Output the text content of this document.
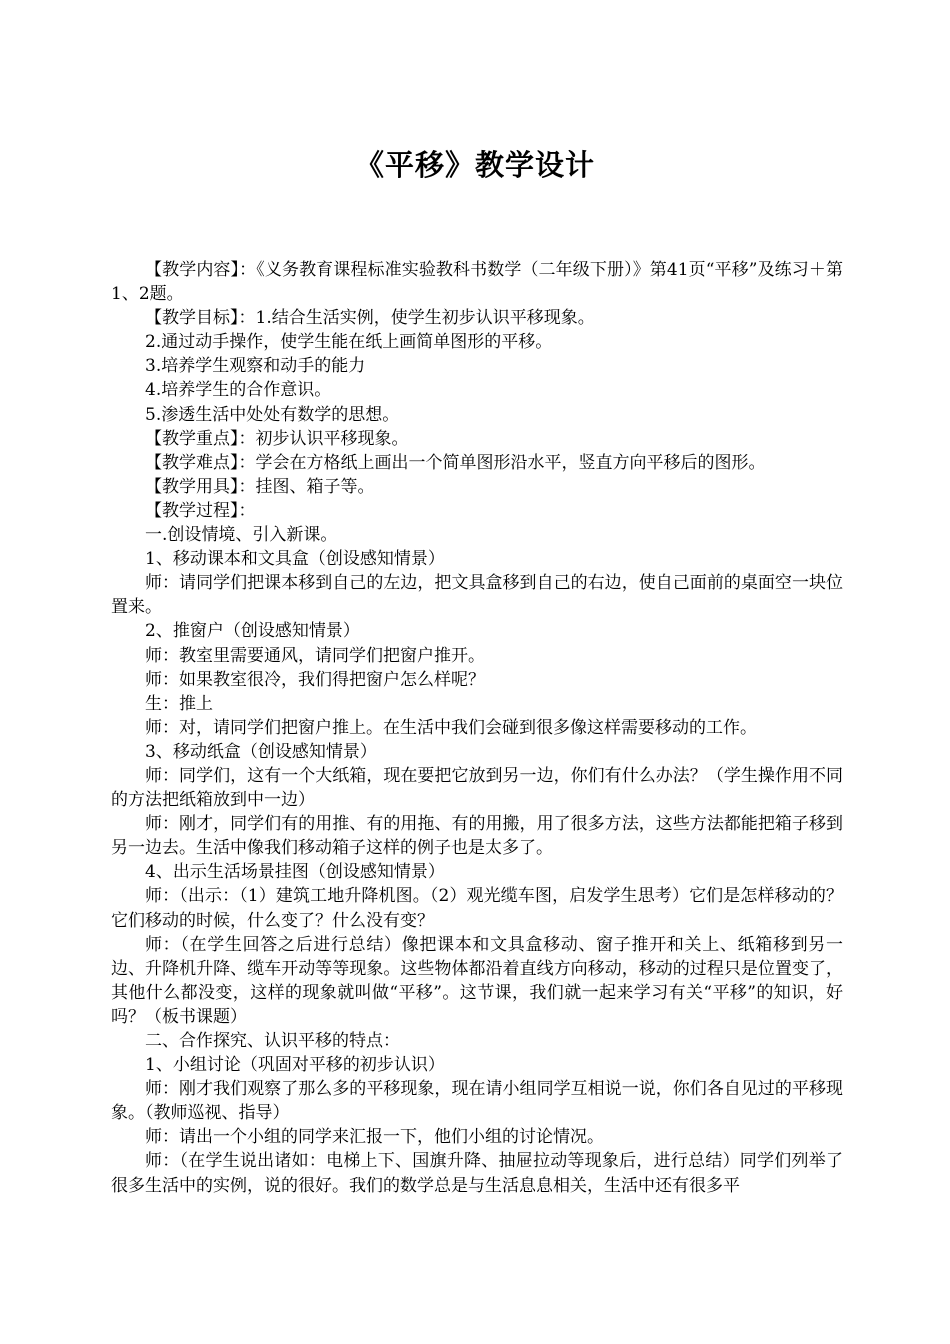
《平移》教学设计

【教学内容】：《义务教育课程标准实验教科书数学（二年级下册）》第41页“平移”及练习＋第1、2题。

【教学目标】：1.结合生活实例，使学生初步认识平移现象。

2.通过动手操作，使学生能在纸上画简单图形的平移。

3.培养学生观察和动手的能力

4.培养学生的合作意识。

5.渗透生活中处处有数学的思想。

【教学重点】：初步认识平移现象。

【教学难点】：学会在方格纸上画出一个简单图形沿水平，竖直方向平移后的图形。

【教学用具】：挂图、箱子等。

【教学过程】：

一.创设情境、引入新课。

1、移动课本和文具盒（创设感知情景）

师：请同学们把课本移到自己的左边，把文具盒移到自己的右边，使自己面前的桌面空一块位置来。

2、推窗户（创设感知情景）

师：教室里需要通风，请同学们把窗户推开。

师：如果教室很冷，我们得把窗户怎么样呢？

生：推上

师：对，请同学们把窗户推上。在生活中我们会碰到很多像这样需要移动的工作。

3、移动纸盒（创设感知情景）

师：同学们，这有一个大纸箱，现在要把它放到另一边，你们有什么办法？（学生操作用不同的方法把纸箱放到中一边）

师：刚才，同学们有的用推、有的用拖、有的用搬，用了很多方法，这些方法都能把箱子移到另一边去。生活中像我们移动箱子这样的例子也是太多了。

4、出示生活场景挂图（创设感知情景）

师：（出示：（1）建筑工地升降机图。（2）观光缆车图，启发学生思考）它们是怎样移动的？它们移动的时候，什么变了？什么没有变？

师：（在学生回答之后进行总结）像把课本和文具盒移动、窗子推开和关上、纸箱移到另一边、升降机升降、缆车开动等等现象。这些物体都沿着直线方向移动，移动的过程只是位置变了，其他什么都没变，这样的现象就叫做“平移”。这节课，我们就一起来学习有关“平移”的知识，好吗？（板书课题）

二、合作探究、认识平移的特点：

1、小组讨论（巩固对平移的初步认识）

师：刚才我们观察了那么多的平移现象，现在请小组同学互相说一说，你们各自见过的平移现象。（教师巡视、指导）

师：请出一个小组的同学来汇报一下，他们小组的讨论情况。

师：（在学生说出诸如：电梯上下、国旗升降、抽屉拉动等现象后，进行总结）同学们列举了很多生活中的实例，说的很好。我们的数学总是与生活息息相关，生活中还有很多平
